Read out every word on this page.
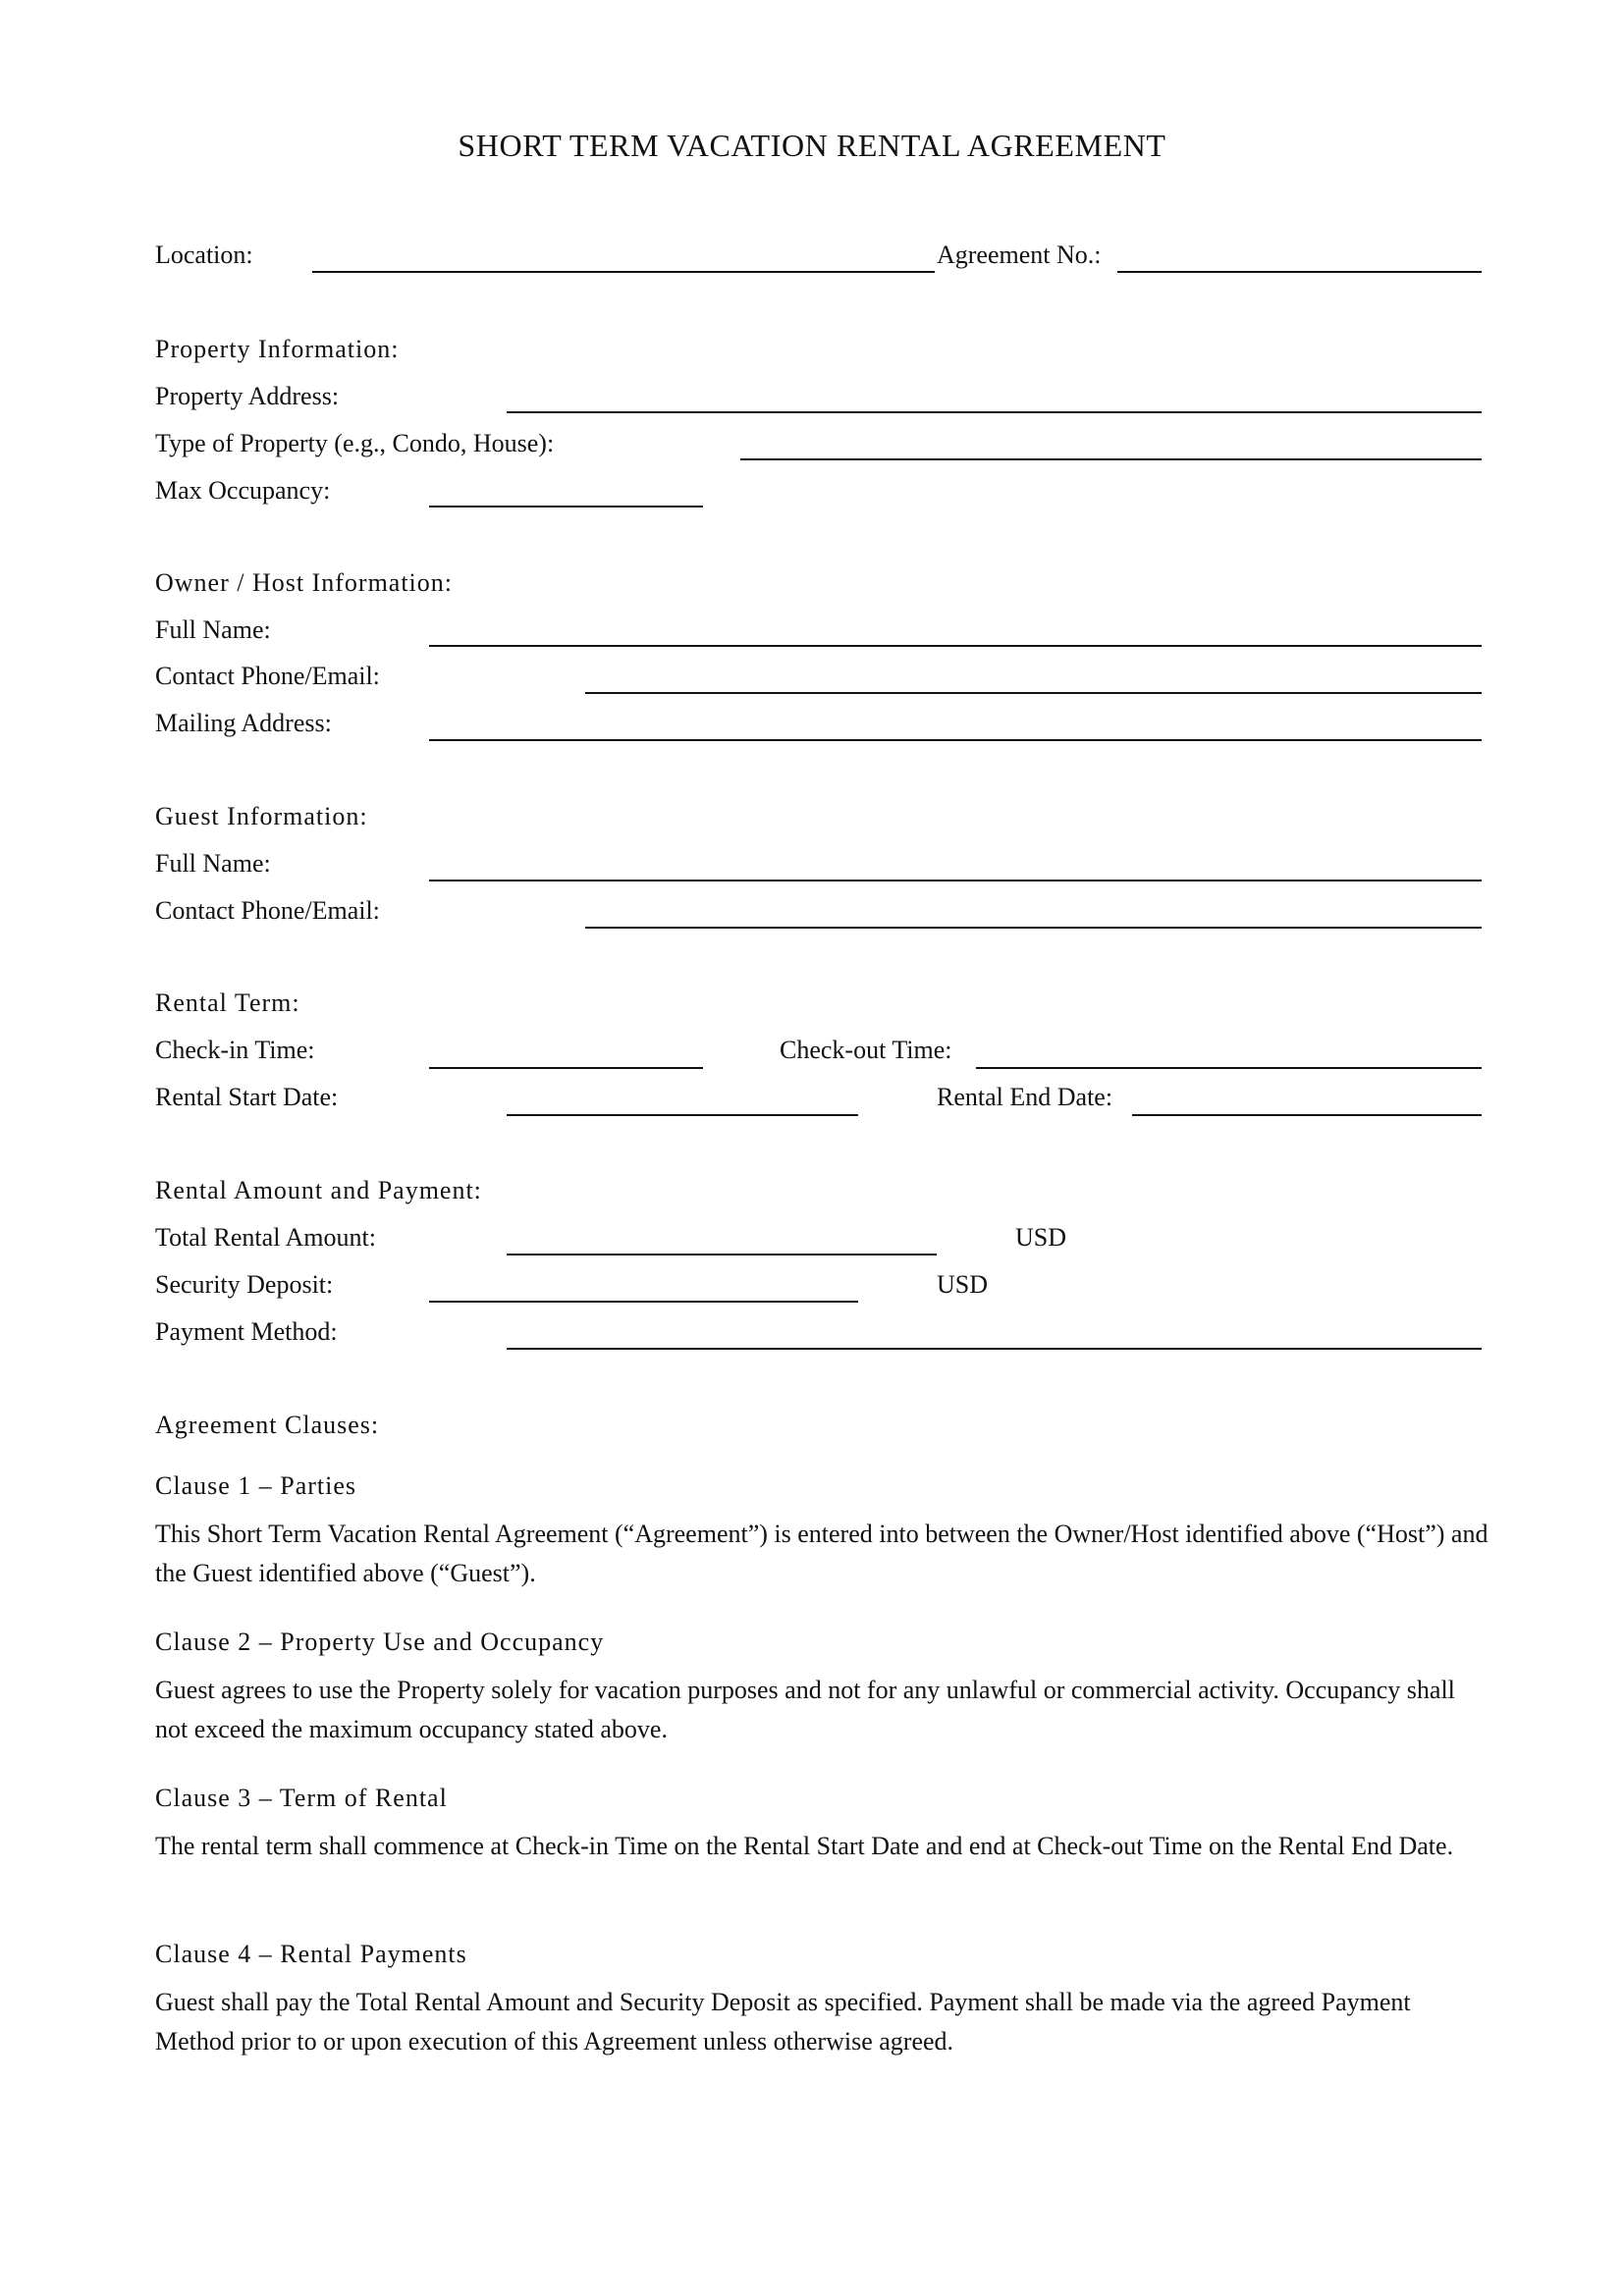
SHORT TERM VACATION RENTAL AGREEMENT
Location:	Agreement No.:
Property Information:
Property Address:
Type of Property (e.g., Condo, House):
Max Occupancy:
Owner / Host Information:
Full Name:
Contact Phone/Email:
Mailing Address:
Guest Information:
Full Name:
Contact Phone/Email:
Rental Term:
Check-in Time:	Check-out Time:
Rental Start Date:	Rental End Date:
Rental Amount and Payment:
Total Rental Amount:	USD
Security Deposit:	USD
Payment Method:
Agreement Clauses:
Clause 1 – Parties
This Short Term Vacation Rental Agreement (“Agreement”) is entered into between the Owner/Host identified above (“Host”) and the Guest identified above (“Guest”).
Clause 2 – Property Use and Occupancy
Guest agrees to use the Property solely for vacation purposes and not for any unlawful or commercial activity. Occupancy shall not exceed the maximum occupancy stated above.
Clause 3 – Term of Rental
The rental term shall commence at Check-in Time on the Rental Start Date and end at Check-out Time on the Rental End Date.
Clause 4 – Rental Payments
Guest shall pay the Total Rental Amount and Security Deposit as specified. Payment shall be made via the agreed Payment Method prior to or upon execution of this Agreement unless otherwise agreed.
